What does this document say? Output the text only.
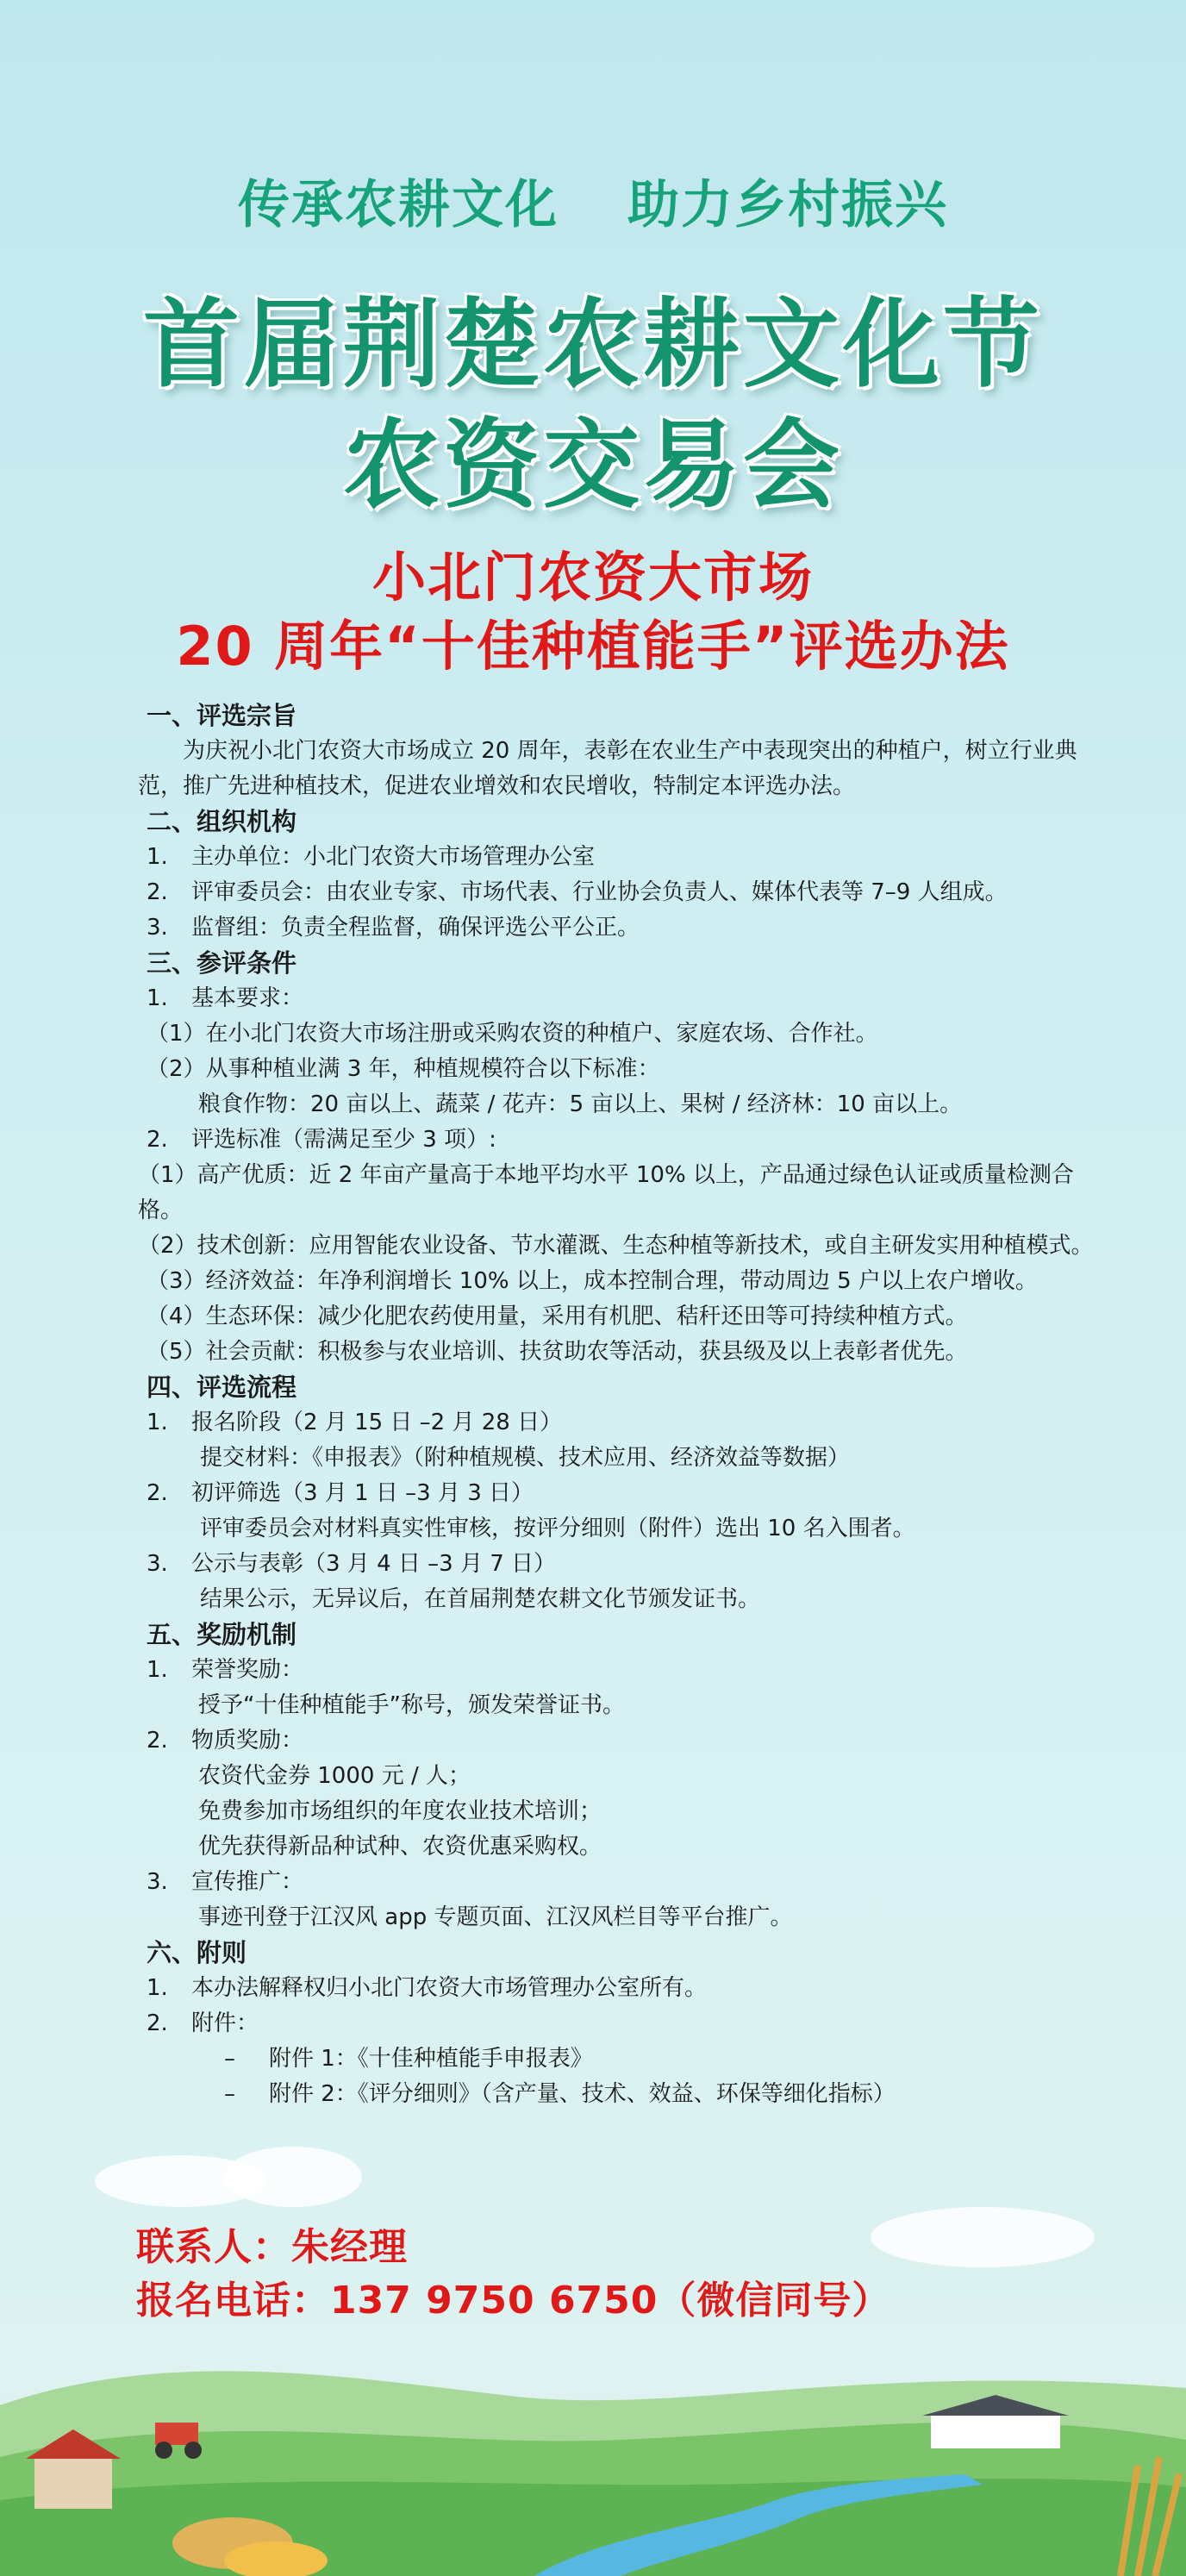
传承农耕文化 助力乡村振兴
首届荆楚农耕文化节
农资交易会
小北门农资大市场
20 周年“十佳种植能手”评选办法
一、评选宗旨
为庆祝小北门农资大市场成立 20 周年，表彰在农业生产中表现突出的种植户，树立行业典范，推广先进种植技术，促进农业增效和农民增收，特制定本评选办法。
二、组织机构
1. 主办单位：小北门农资大市场管理办公室
2. 评审委员会：由农业专家、市场代表、行业协会负责人、媒体代表等 7–9 人组成。
3. 监督组：负责全程监督，确保评选公平公正。
三、参评条件
1. 基本要求：
（1）在小北门农资大市场注册或采购农资的种植户、家庭农场、合作社。
（2）从事种植业满 3 年，种植规模符合以下标准：
粮食作物：20 亩以上、蔬菜 / 花卉：5 亩以上、果树 / 经济林：10 亩以上。
2. 评选标准（需满足至少 3 项）:
（1）高产优质：近 2 年亩产量高于本地平均水平 10% 以上，产品通过绿色认证或质量检测合格。
（2）技术创新：应用智能农业设备、节水灌溉、生态种植等新技术，或自主研发实用种植模式。
（3）经济效益：年净利润增长 10% 以上，成本控制合理，带动周边 5 户以上农户增收。
（4）生态环保：减少化肥农药使用量，采用有机肥、秸秆还田等可持续种植方式。
（5）社会贡献：积极参与农业培训、扶贫助农等活动，获县级及以上表彰者优先。
四、评选流程
1. 报名阶段（2 月 15 日 –2 月 28 日）
提交材料：《申报表》（附种植规模、技术应用、经济效益等数据）
2. 初评筛选（3 月 1 日 –3 月 3 日）
评审委员会对材料真实性审核，按评分细则（附件）选出 10 名入围者。
3. 公示与表彰（3 月 4 日 –3 月 7 日）
结果公示，无异议后，在首届荆楚农耕文化节颁发证书。
五、奖励机制
1. 荣誉奖励：
授予“十佳种植能手”称号，颁发荣誉证书。
2. 物质奖励：
农资代金券 1000 元 / 人；
免费参加市场组织的年度农业技术培训；
优先获得新品种试种、农资优惠采购权。
3. 宣传推广：
事迹刊登于江汉风 app 专题页面、江汉风栏目等平台推广。
六、附则
1. 本办法解释权归小北门农资大市场管理办公室所有。
2. 附件：
– 附件 1：《十佳种植能手申报表》
– 附件 2：《评分细则》（含产量、技术、效益、环保等细化指标）
联系人：朱经理
报名电话：137 9750 6750（微信同号）
